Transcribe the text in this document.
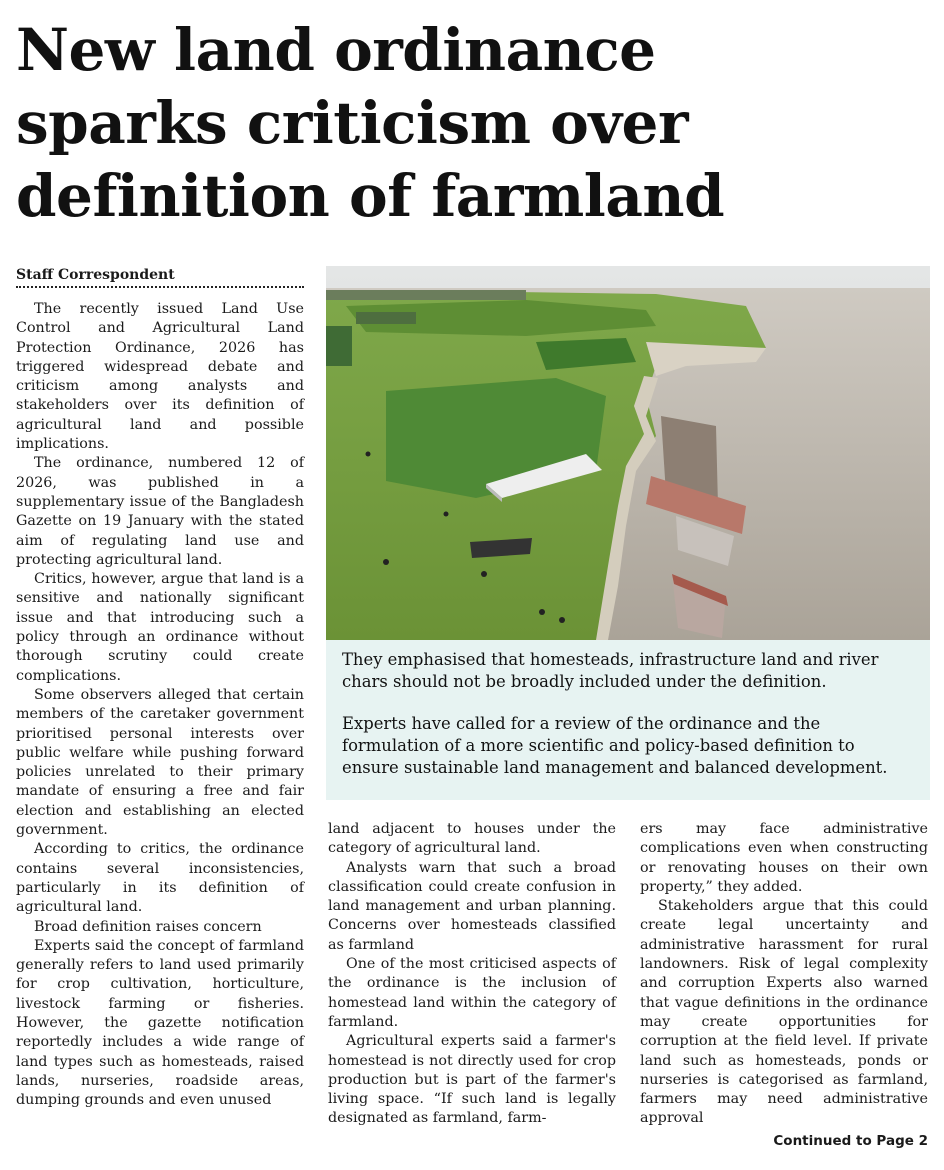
New land ordinance
sparks criticism over
definition of farmland
Staff Correspondent

The recently issued Land Use Control and Agricultural Land Protection Ordinance, 2026 has triggered widespread debate and criticism among analysts and stakeholders over its definition of agricultural land and possible implications.

The ordinance, numbered 12 of 2026, was published in a supplementary issue of the Bangladesh Gazette on 19 January with the stated aim of regulating land use and protecting agricultural land.

Critics, however, argue that land is a sensitive and nationally significant issue and that introducing such a policy through an ordinance without thorough scrutiny could create complications.

Some observers alleged that certain members of the caretaker government prioritised personal interests over public welfare while pushing forward policies unrelated to their primary mandate of ensuring a free and fair election and establishing an elected government.

According to critics, the ordinance contains several inconsistencies, particularly in its definition of agricultural land.

Broad definition raises concern

Experts said the concept of farmland generally refers to land used primarily for crop cultivation, horticulture, livestock farming or fisheries. However, the gazette notification reportedly includes a wide range of land types such as homesteads, raised lands, nurseries, roadside areas, dumping grounds and even unused

They emphasised that homesteads, infrastructure land and river chars should not be broadly included under the definition.

Experts have called for a review of the ordinance and the formulation of a more scientific and policy-based definition to ensure sustainable land management and balanced development.

land adjacent to houses under the category of agricultural land.

Analysts warn that such a broad classification could create confusion in land management and urban planning. Concerns over homesteads classified as farmland

One of the most criticised aspects of the ordinance is the inclusion of homestead land within the category of farmland.

Agricultural experts said a farmer's homestead is not directly used for crop production but is part of the farmer's living space. “If such land is legally designated as farmland, farm-

ers may face administrative complications even when constructing or renovating houses on their own property,” they added.

Stakeholders argue that this could create legal uncertainty and administrative harassment for rural landowners. Risk of legal complexity and corruption Experts also warned that vague definitions in the ordinance may create opportunities for corruption at the field level. If private land such as homesteads, ponds or nurseries is categorised as farmland, farmers may need administrative approval

Continued to Page 2
